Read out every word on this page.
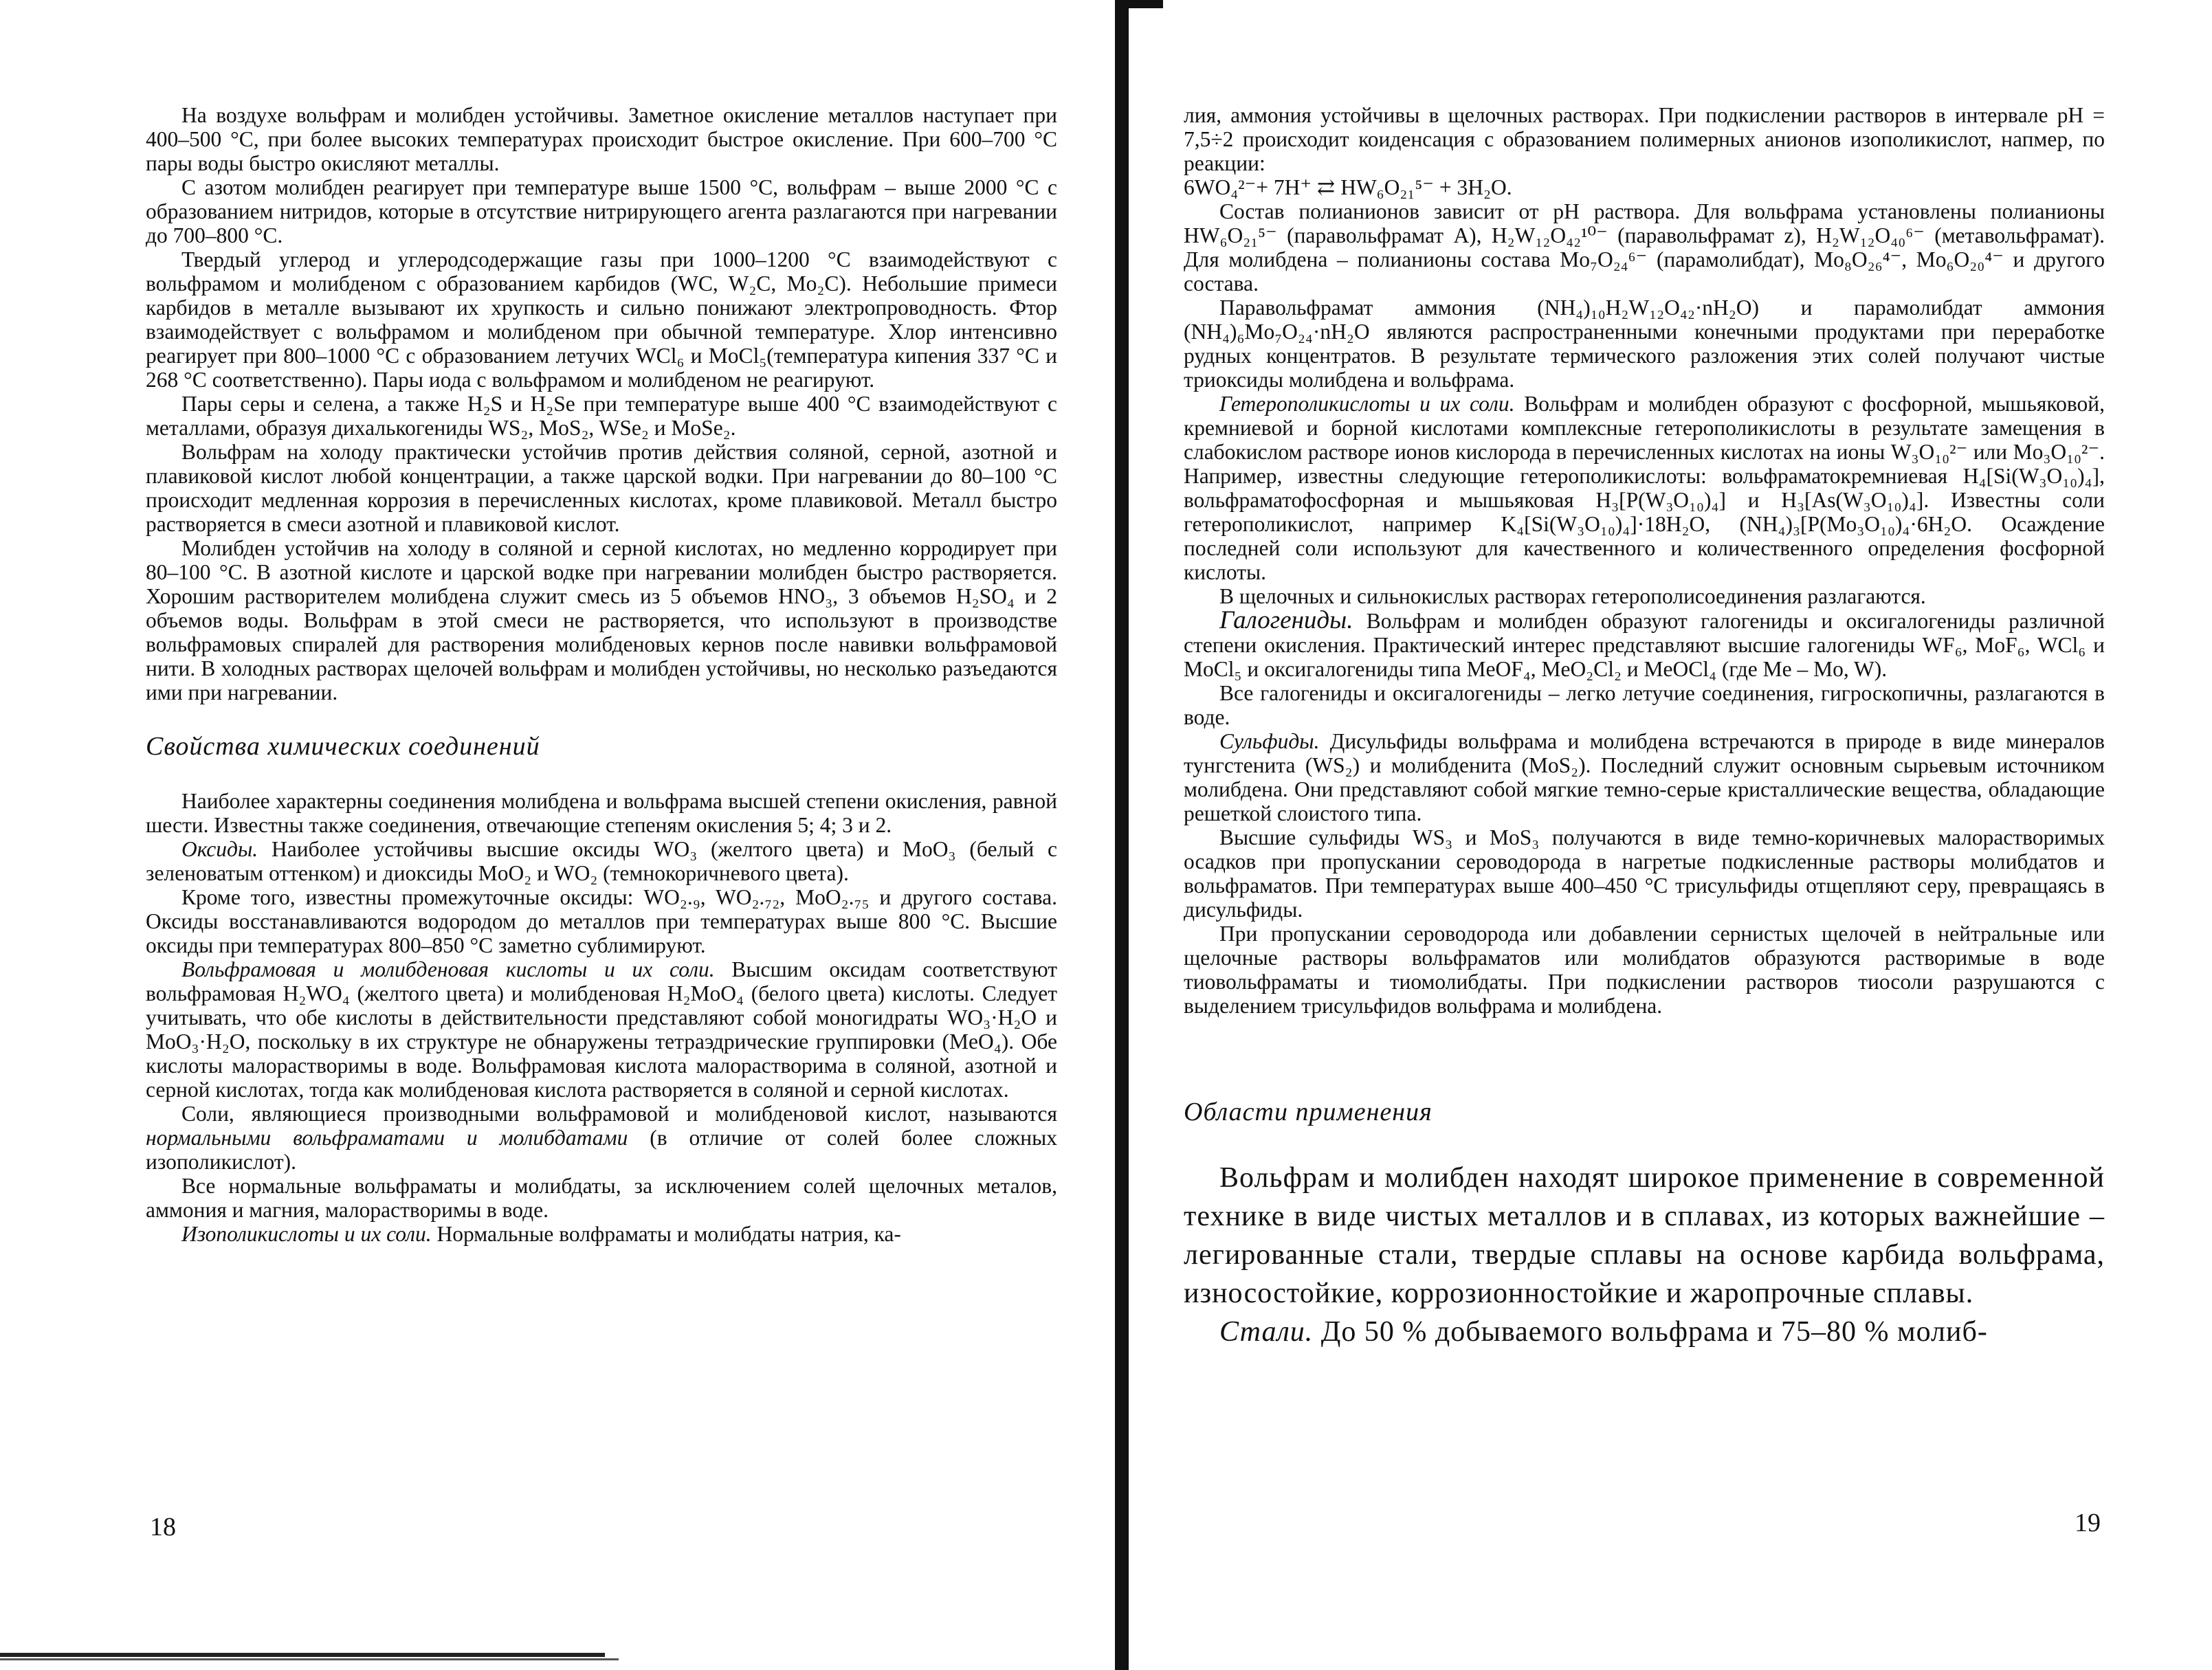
На воздухе вольфрам и молибден устойчивы. Заметное окисление металлов наступает при 400–500 °С, при более высоких температурах происходит быстрое окисление. При 600–700 °С пары воды быстро окисляют металлы.

С азотом молибден реагирует при температуре выше 1500 °С, вольфрам – выше 2000 °С с образованием нитридов, которые в отсутствие нитрирующего агента разлагаются при нагревании до 700–800 °С.

Твердый углерод и углеродсодержащие газы при 1000–1200 °С взаимодействуют с вольфрамом и молибденом с образованием карбидов (WC, W₂C, Mo₂C). Небольшие примеси карбидов в металле вызывают их хрупкость и сильно понижают электропроводность. Фтор взаимодействует с вольфрамом и молибденом при обычной температуре. Хлор интенсивно реагирует при 800–1000 °С с образованием летучих WCl₆ и MoCl₅(температура кипения 337 °С и 268 °С соответственно). Пары иода с вольфрамом и молибденом не реагируют.

Пары серы и селена, а также H₂S и H₂Se при температуре выше 400 °С взаимодействуют с металлами, образуя дихалькогениды WS₂, MoS₂, WSe₂ и MoSe₂.

Вольфрам на холоду практически устойчив против действия соляной, серной, азотной и плавиковой кислот любой концентрации, а также царской водки. При нагревании до 80–100 °С происходит медленная коррозия в перечисленных кислотах, кроме плавиковой. Металл быстро растворяется в смеси азотной и плавиковой кислот.

Молибден устойчив на холоду в соляной и серной кислотах, но медленно корродирует при 80–100 °С. В азотной кислоте и царской водке при нагревании молибден быстро растворяется. Хорошим растворителем молибдена служит смесь из 5 объемов HNO₃, 3 объемов H₂SO₄ и 2 объемов воды. Вольфрам в этой смеси не растворяется, что используют в производстве вольфрамовых спиралей для растворения молибденовых кернов после навивки вольфрамовой нити. В холодных растворах щелочей вольфрам и молибден устойчивы, но несколько разъедаются ими при нагревании.

Свойства химических соединений

Наиболее характерны соединения молибдена и вольфрама высшей степени окисления, равной шести. Известны также соединения, отвечающие степеням окисления 5; 4; 3 и 2.

Оксиды. Наиболее устойчивы высшие оксиды WO₃ (желтого цвета) и MoO₃ (белый с зеленоватым оттенком) и диоксиды MoO₂ и WO₂ (темнокоричневого цвета).

Кроме того, известны промежуточные оксиды: WO₂.₉, WO₂.₇₂, MoO₂.₇₅ и другого состава. Оксиды восстанавливаются водородом до металлов при температурах выше 800 °С. Высшие оксиды при температурах 800–850 °С заметно сублимируют.

Вольфрамовая и молибденовая кислоты и их соли. Высшим оксидам соответствуют вольфрамовая H₂WO₄ (желтого цвета) и молибденовая H₂MoO₄ (белого цвета) кислоты. Следует учитывать, что обе кислоты в действительности представляют собой моногидраты WO₃·H₂O и MoO₃·H₂O, поскольку в их структуре не обнаружены тетраэдрические группировки (MeO₄). Обе кислоты малорастворимы в воде. Вольфрамовая кислота малорастворима в соляной, азотной и серной кислотах, тогда как молибденовая кислота растворяется в соляной и серной кислотах.

Соли, являющиеся производными вольфрамовой и молибденовой кислот, называются нормальными вольфраматами и молибдатами (в отличие от солей более сложных изополикислот).

Все нормальные вольфраматы и молибдаты, за исключением солей щелочных металов, аммония и магния, малорастворимы в воде.

Изополикислоты и их соли. Нормальные волфраматы и молибдаты натрия, ка-

18

лия, аммония устойчивы в щелочных растворах. При подкислении растворов в интервале pH = 7,5÷2 происходит коиденсация с образованием полимерных анионов изополикислот, напмер, по реакции:

6WO₄²⁻+ 7H⁺ ⇄ HW₆O₂₁⁵⁻ + 3H₂O.

Состав полианионов зависит от pH раствора. Для вольфрама установлены полианионы HW₆O₂₁⁵⁻ (паравольфрамат A), H₂W₁₂O₄₂¹⁰⁻ (паравольфрамат z), H₂W₁₂O₄₀⁶⁻ (метавольфрамат). Для молибдена – полианионы состава Mo₇O₂₄⁶⁻ (парамолибдат), Mo₈O₂₆⁴⁻, Mo₆O₂₀⁴⁻ и другого состава.

Паравольфрамат аммония (NH₄)₁₀H₂W₁₂O₄₂·nH₂O) и парамолибдат аммония (NH₄)₆Mo₇O₂₄·nH₂O являются распространенными конечными продуктами при переработке рудных концентратов. В результате термического разложения этих солей получают чистые триоксиды молибдена и вольфрама.

Гетерополикислоты и их соли. Вольфрам и молибден образуют с фосфорной, мышьяковой, кремниевой и борной кислотами комплексные гетерополикислоты в результате замещения в слабокислом растворе ионов кислорода в перечисленных кислотах на ионы W₃O₁₀²⁻ или Mo₃O₁₀²⁻. Например, известны следующие гетерополикислоты: вольфраматокремниевая H₄[Si(W₃O₁₀)₄], вольфраматофосфорная и мышьяковая H₃[P(W₃O₁₀)₄] и H₃[As(W₃O₁₀)₄]. Известны соли гетерополикислот, например K₄[Si(W₃O₁₀)₄]·18H₂O, (NH₄)₃[P(Mo₃O₁₀)₄·6H₂O. Осаждение последней соли используют для качественного и количественного определения фосфорной кислоты.

В щелочных и сильнокислых растворах гетерополисоединения разлагаются.

Галогениды. Вольфрам и молибден образуют галогениды и оксигалогениды различной степени окисления. Практический интерес представляют высшие галогениды WF₆, MoF₆, WCl₆ и MoCl₅ и оксигалогениды типа MeOF₄, MeO₂Cl₂ и MeOCl₄ (где Me – Mo, W).

Все галогениды и оксигалогениды – легко летучие соединения, гигроскопичны, разлагаются в воде.

Сульфиды. Дисульфиды вольфрама и молибдена встречаются в природе в виде минералов тунгстенита (WS₂) и молибденита (MoS₂). Последний служит основным сырьевым источником молибдена. Они представляют собой мягкие темно-серые кристаллические вещества, обладающие решеткой слоистого типа.

Высшие сульфиды WS₃ и MoS₃ получаются в виде темно-коричневых малорастворимых осадков при пропускании сероводорода в нагретые подкисленные растворы молибдатов и вольфраматов. При температурах выше 400–450 °С трисульфиды отщепляют серу, превращаясь в дисульфиды.

При пропускании сероводорода или добавлении сернистых щелочей в нейтральные или щелочные растворы вольфраматов или молибдатов образуются растворимые в воде тиовольфраматы и тиомолибдаты. При подкислении растворов тиосоли разрушаются с выделением трисульфидов вольфрама и молибдена.

Области применения

Вольфрам и молибден находят широкое применение в современной технике в виде чистых металлов и в сплавах, из которых важнейшие – легированные стали, твердые сплавы на основе карбида вольфрама, износостойкие, коррозионностойкие и жаропрочные сплавы.

Стали. До 50 % добываемого вольфрама и 75–80 % молиб-

19
